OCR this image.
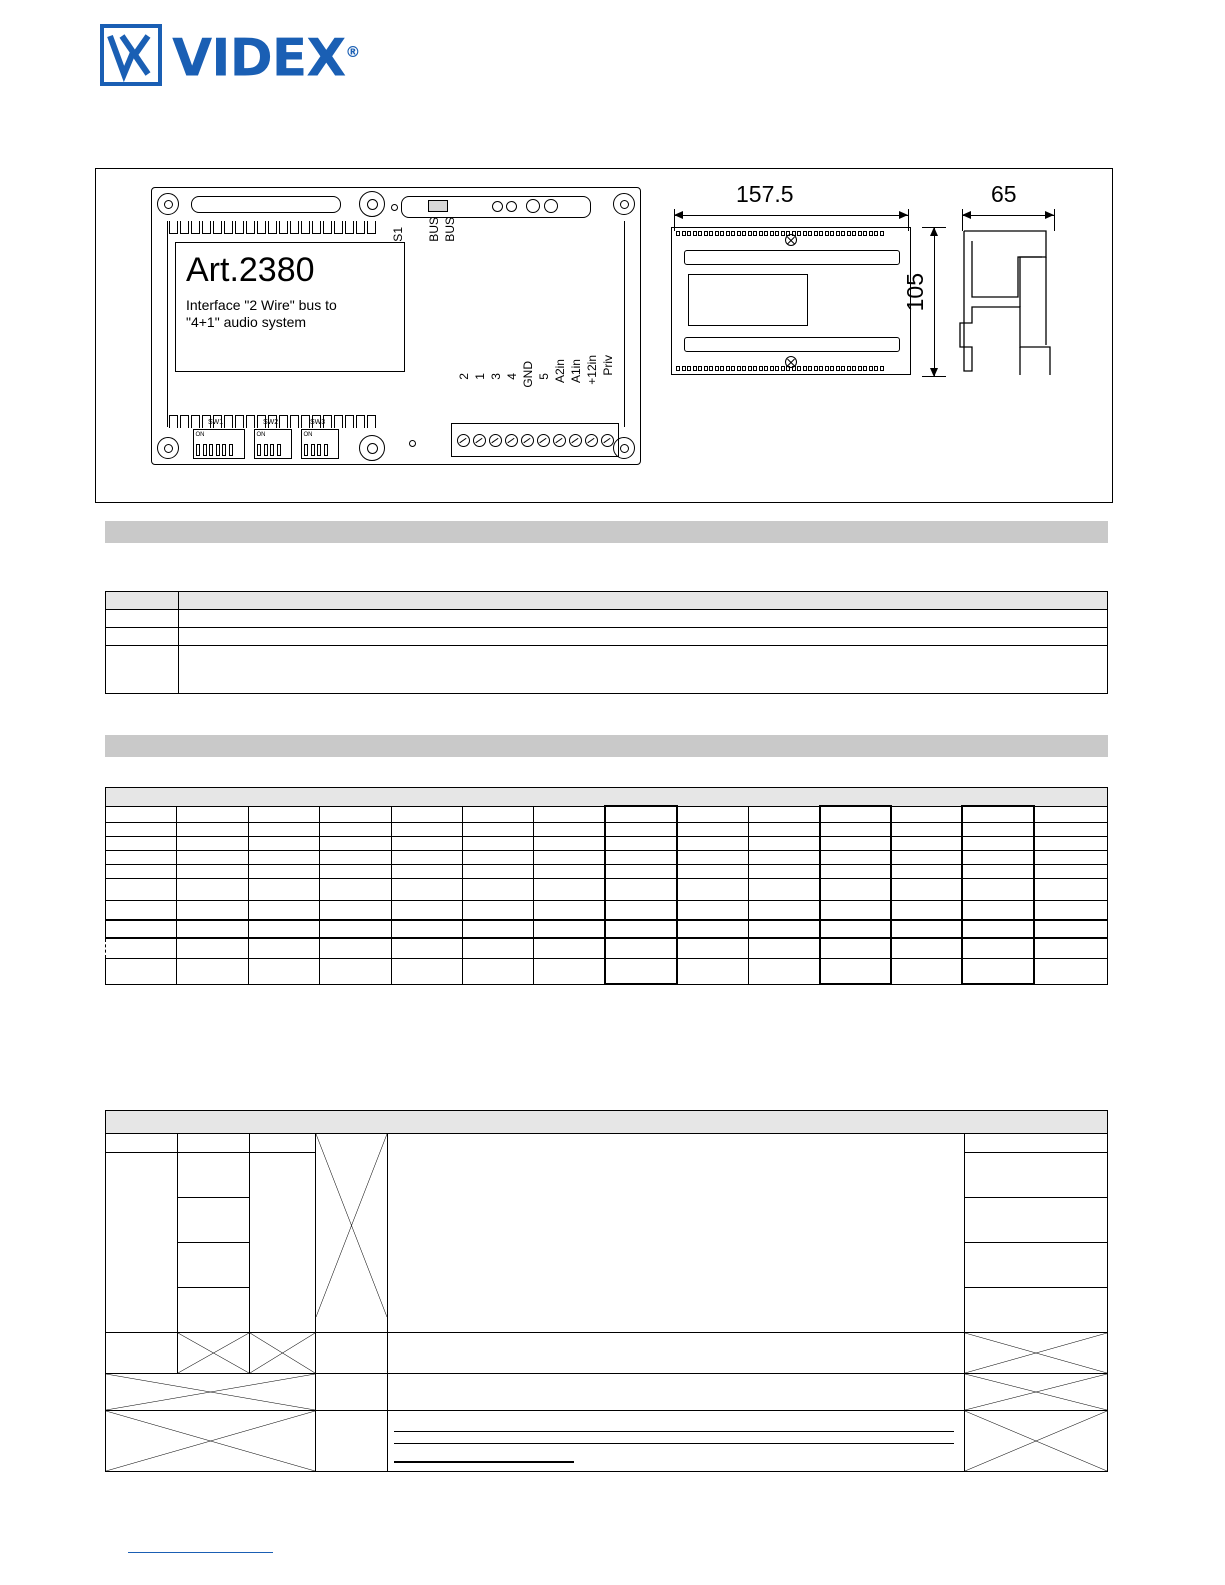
VIDEX®
Art.2380
Interface "2 Wire" bus to
"4+1" audio system
S1 BUS BUS
Priv
+12in
A1in
A2in
5
GND
4
3
1
2
SW1
ON
SW2
ON
SW3
ON
157.5	65
105
